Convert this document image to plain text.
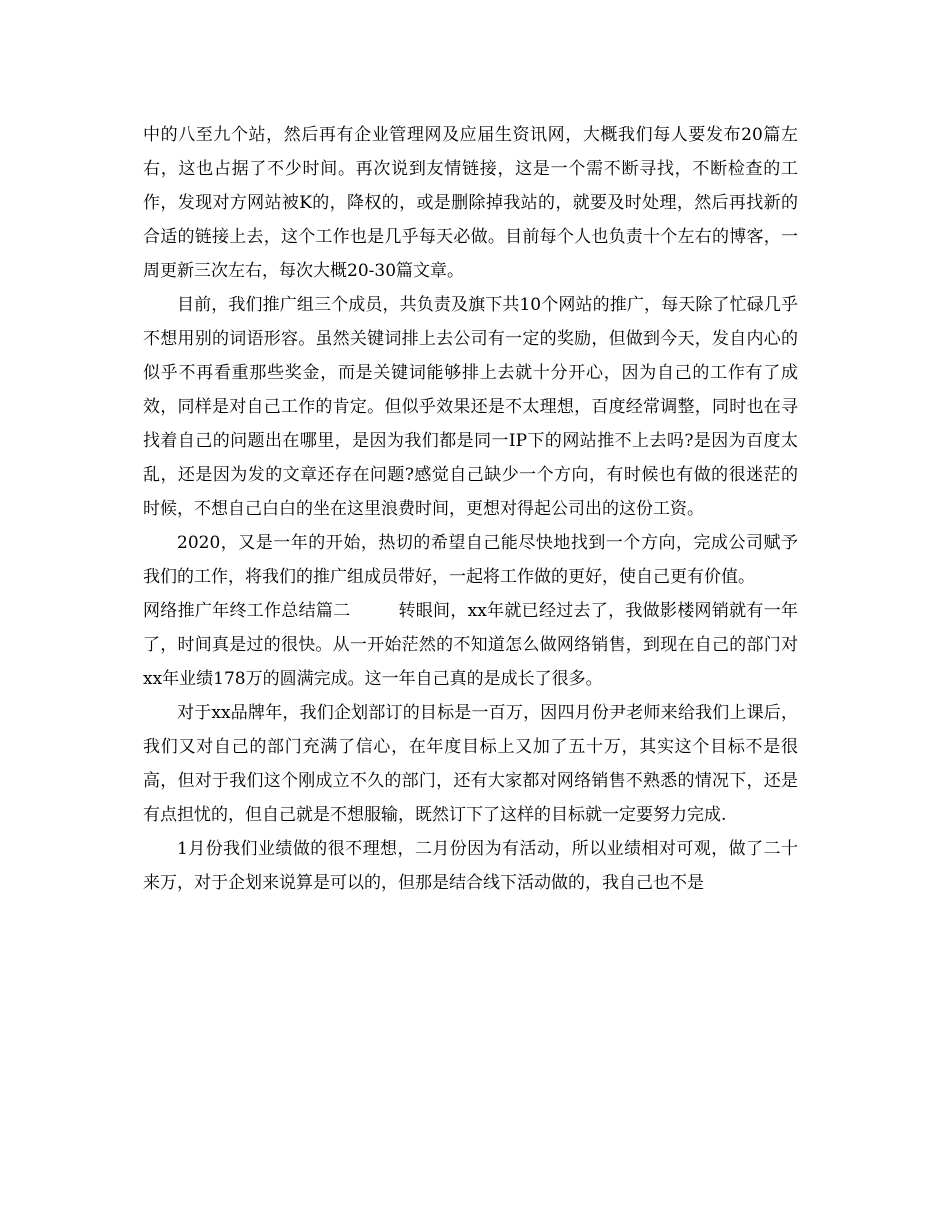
中的八至九个站，然后再有企业管理网及应届生资讯网，大概我们每人要发布20篇左右，这也占据了不少时间。再次说到友情链接，这是一个需不断寻找，不断检查的工作，发现对方网站被K的，降权的，或是删除掉我站的，就要及时处理，然后再找新的合适的链接上去，这个工作也是几乎每天必做。目前每个人也负责十个左右的博客，一周更新三次左右，每次大概20-30篇文章。

目前，我们推广组三个成员，共负责及旗下共10个网站的推广，每天除了忙碌几乎不想用别的词语形容。虽然关键词排上去公司有一定的奖励，但做到今天，发自内心的似乎不再看重那些奖金，而是关键词能够排上去就十分开心，因为自己的工作有了成效，同样是对自己工作的肯定。但似乎效果还是不太理想，百度经常调整，同时也在寻找着自己的问题出在哪里，是因为我们都是同一IP下的网站推不上去吗?是因为百度太乱，还是因为发的文章还存在问题?感觉自己缺少一个方向，有时候也有做的很迷茫的时候，不想自己白白的坐在这里浪费时间，更想对得起公司出的这份工资。

2020，又是一年的开始，热切的希望自己能尽快地找到一个方向，完成公司赋予我们的工作，将我们的推广组成员带好，一起将工作做的更好，使自己更有价值。

网络推广年终工作总结篇二	转眼间，xx年就已经过去了，我做影楼网销就有一年了，时间真是过的很快。从一开始茫然的不知道怎么做网络销售，到现在自己的部门对xx年业绩178万的圆满完成。这一年自己真的是成长了很多。

对于xx品牌年，我们企划部订的目标是一百万，因四月份尹老师来给我们上课后，我们又对自己的部门充满了信心，在年度目标上又加了五十万，其实这个目标不是很高，但对于我们这个刚成立不久的部门，还有大家都对网络销售不熟悉的情况下，还是有点担忧的，但自己就是不想服输，既然订下了这样的目标就一定要努力完成.

1月份我们业绩做的很不理想，二月份因为有活动，所以业绩相对可观，做了二十来万，对于企划来说算是可以的，但那是结合线下活动做的，我自己也不是
